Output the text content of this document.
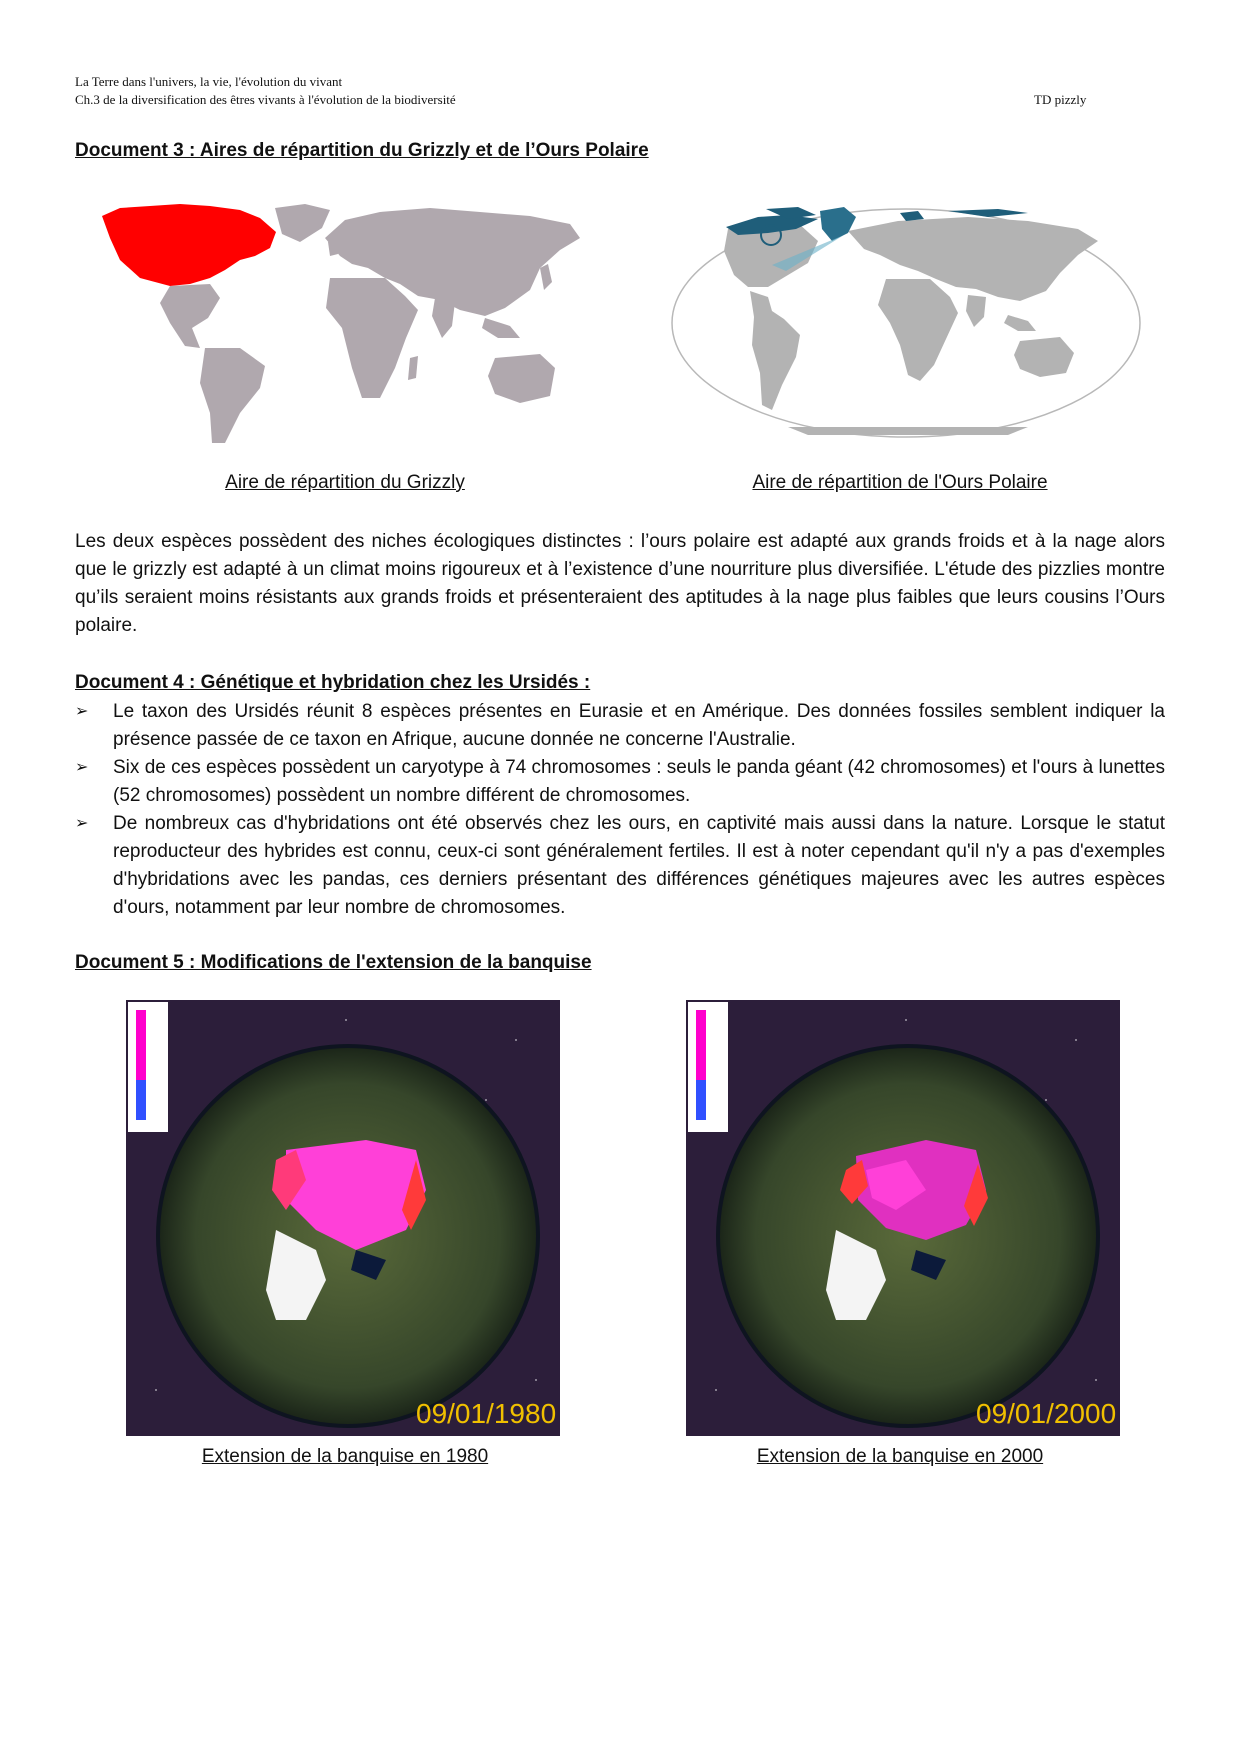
La Terre dans l'univers, la vie, l'évolution du vivant
Ch.3 de la diversification des êtres vivants à l'évolution de la biodiversité	TD pizzly
Document 3 : Aires de répartition du Grizzly et de l’Ours Polaire
Aire de répartition du Grizzly	Aire de répartition de l'Ours Polaire
Les deux espèces possèdent des niches écologiques distinctes : l’ours polaire est adapté aux grands froids et à la nage alors que le grizzly est adapté à un climat moins rigoureux et à l’existence d’une nourriture plus diversifiée. L'étude des pizzlies montre qu’ils seraient moins résistants aux grands froids et présenteraient des aptitudes à la nage plus faibles que leurs cousins l’Ours polaire.
Document 4 : Génétique et hybridation chez les Ursidés :
➢ Le taxon des Ursidés réunit 8 espèces présentes en Eurasie et en Amérique. Des données fossiles semblent indiquer la présence passée de ce taxon en Afrique, aucune donnée ne concerne l'Australie.
➢ Six de ces espèces possèdent un caryotype à 74 chromosomes : seuls le panda géant (42 chromosomes) et l'ours à lunettes (52 chromosomes) possèdent un nombre différent de chromosomes.
➢ De nombreux cas d'hybridations ont été observés chez les ours, en captivité mais aussi dans la nature. Lorsque le statut reproducteur des hybrides est connu, ceux-ci sont généralement fertiles. Il est à noter cependant qu'il n'y a pas d'exemples d'hybridations avec les pandas, ces derniers présentant des différences génétiques majeures avec les autres espèces d'ours, notamment par leur nombre de chromosomes.
Document 5 : Modifications de l'extension de la banquise
09/01/1980	09/01/2000
Extension de la banquise en 1980	Extension de la banquise en 2000
